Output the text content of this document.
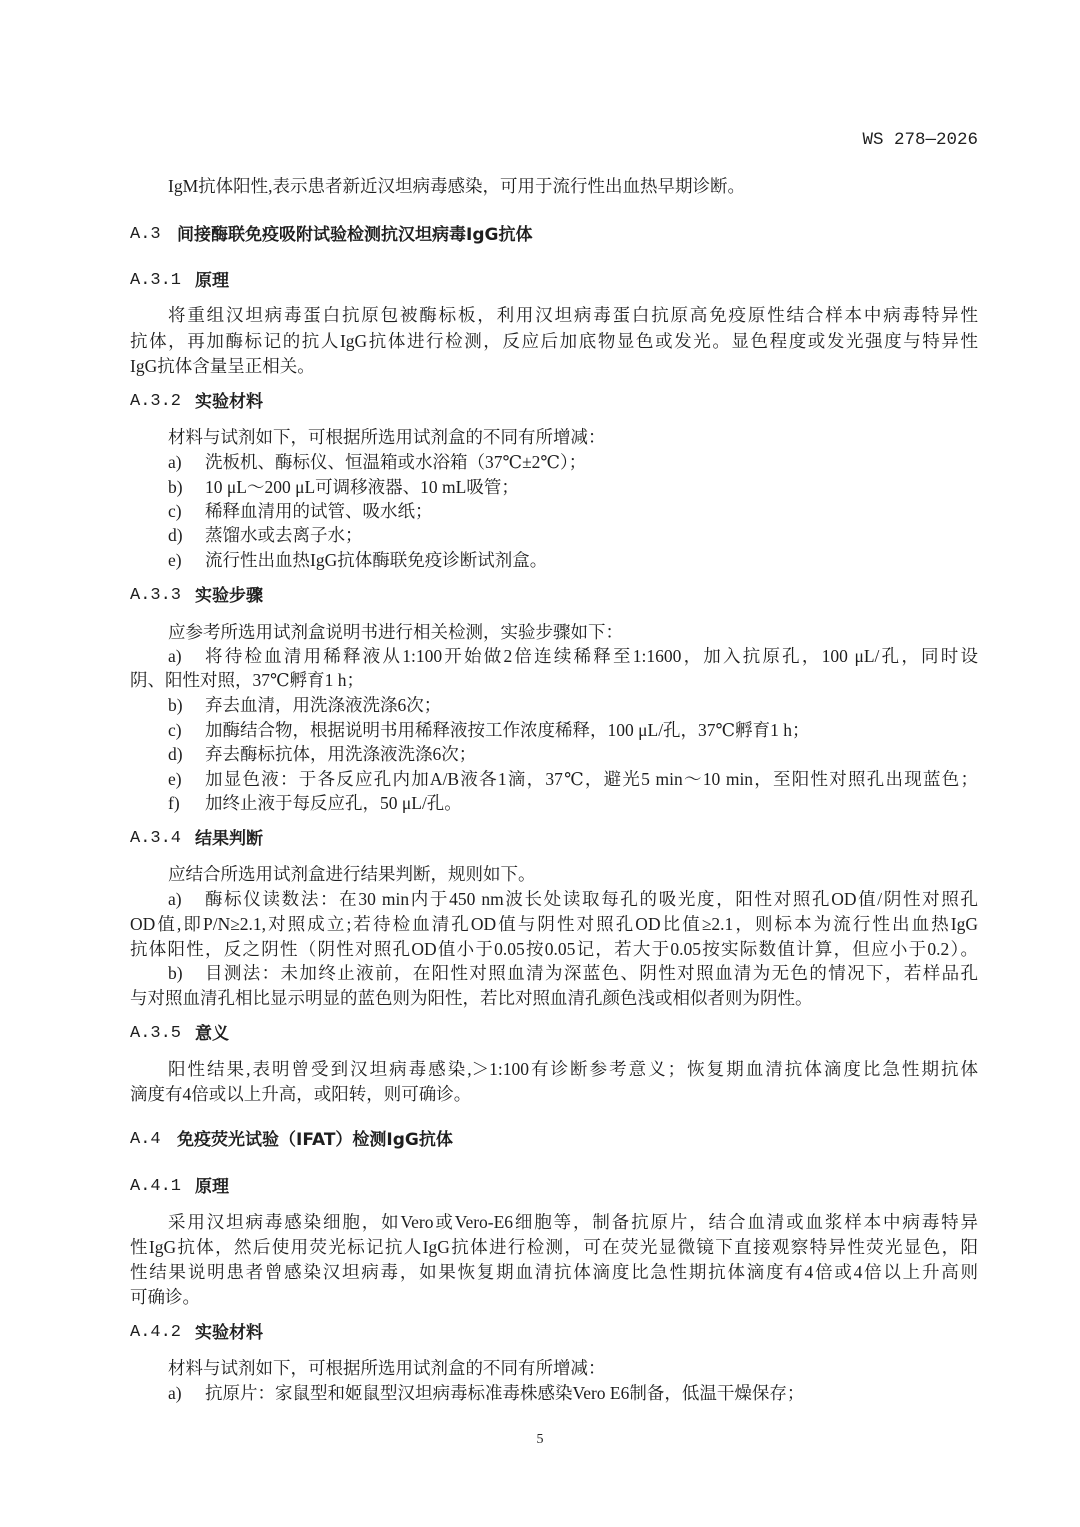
WS 278—2026
IgM抗体阳性,表示患者新近汉坦病毒感染，可用于流行性出血热早期诊断。
A.3 间接酶联免疫吸附试验检测抗汉坦病毒IgG抗体
A.3.1 原理
将重组汉坦病毒蛋白抗原包被酶标板，利用汉坦病毒蛋白抗原高免疫原性结合样本中病毒特异性
抗体，再加酶标记的抗人IgG抗体进行检测，反应后加底物显色或发光。显色程度或发光强度与特异性
IgG抗体含量呈正相关。
A.3.2 实验材料
材料与试剂如下，可根据所选用试剂盒的不同有所增减：
a) 洗板机、酶标仪、恒温箱或水浴箱（37℃±2℃）；
b) 10 μL～200 μL可调移液器、10 mL吸管；
c) 稀释血清用的试管、吸水纸；
d) 蒸馏水或去离子水；
e) 流行性出血热IgG抗体酶联免疫诊断试剂盒。
A.3.3 实验步骤
应参考所选用试剂盒说明书进行相关检测，实验步骤如下：
a) 将待检血清用稀释液从1:100开始做2倍连续稀释至1:1600，加入抗原孔，100 μL/孔，同时设
阴、阳性对照，37℃孵育1 h；
b) 弃去血清，用洗涤液洗涤6次；
c) 加酶结合物，根据说明书用稀释液按工作浓度稀释，100 μL/孔，37℃孵育1 h；
d) 弃去酶标抗体，用洗涤液洗涤6次；
e) 加显色液：于各反应孔内加A/B液各1滴，37℃，避光5 min～10 min，至阳性对照孔出现蓝色；
f) 加终止液于每反应孔，50 μL/孔。
A.3.4 结果判断
应结合所选用试剂盒进行结果判断，规则如下。
a) 酶标仪读数法：在30 min内于450 nm波长处读取每孔的吸光度，阳性对照孔OD值/阴性对照孔
OD值,即P/N≥2.1,对照成立;若待检血清孔OD值与阴性对照孔OD比值≥2.1，则标本为流行性出血热IgG
抗体阳性，反之阴性（阴性对照孔OD值小于0.05按0.05记，若大于0.05按实际数值计算，但应小于0.2）。
b) 目测法：未加终止液前，在阳性对照血清为深蓝色、阴性对照血清为无色的情况下，若样品孔
与对照血清孔相比显示明显的蓝色则为阳性，若比对照血清孔颜色浅或相似者则为阴性。
A.3.5 意义
阳性结果,表明曾受到汉坦病毒感染,＞1:100有诊断参考意义；恢复期血清抗体滴度比急性期抗体
滴度有4倍或以上升高，或阳转，则可确诊。
A.4 免疫荧光试验（IFAT）检测IgG抗体
A.4.1 原理
采用汉坦病毒感染细胞，如Vero或Vero-E6细胞等，制备抗原片，结合血清或血浆样本中病毒特异
性IgG抗体，然后使用荧光标记抗人IgG抗体进行检测，可在荧光显微镜下直接观察特异性荧光显色，阳
性结果说明患者曾感染汉坦病毒，如果恢复期血清抗体滴度比急性期抗体滴度有4倍或4倍以上升高则
可确诊。
A.4.2 实验材料
材料与试剂如下，可根据所选用试剂盒的不同有所增减：
a) 抗原片：家鼠型和姬鼠型汉坦病毒标准毒株感染Vero E6制备，低温干燥保存；
5
